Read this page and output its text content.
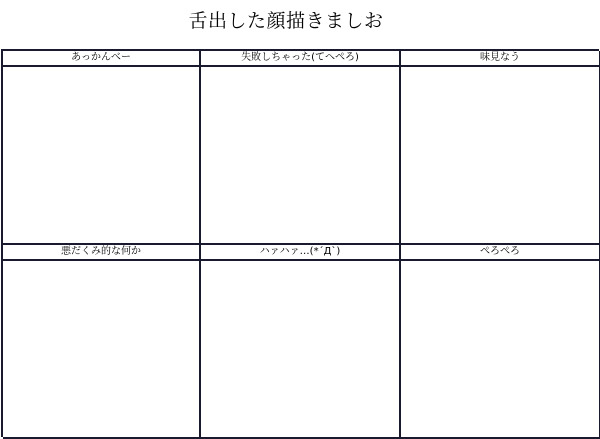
舌出した顔描きましお
あっかんべー	失敗しちゃった(てへぺろ)	味見なう
悪だくみ的な何か	ハァハァ…(*´Д`)	ぺろぺろ
